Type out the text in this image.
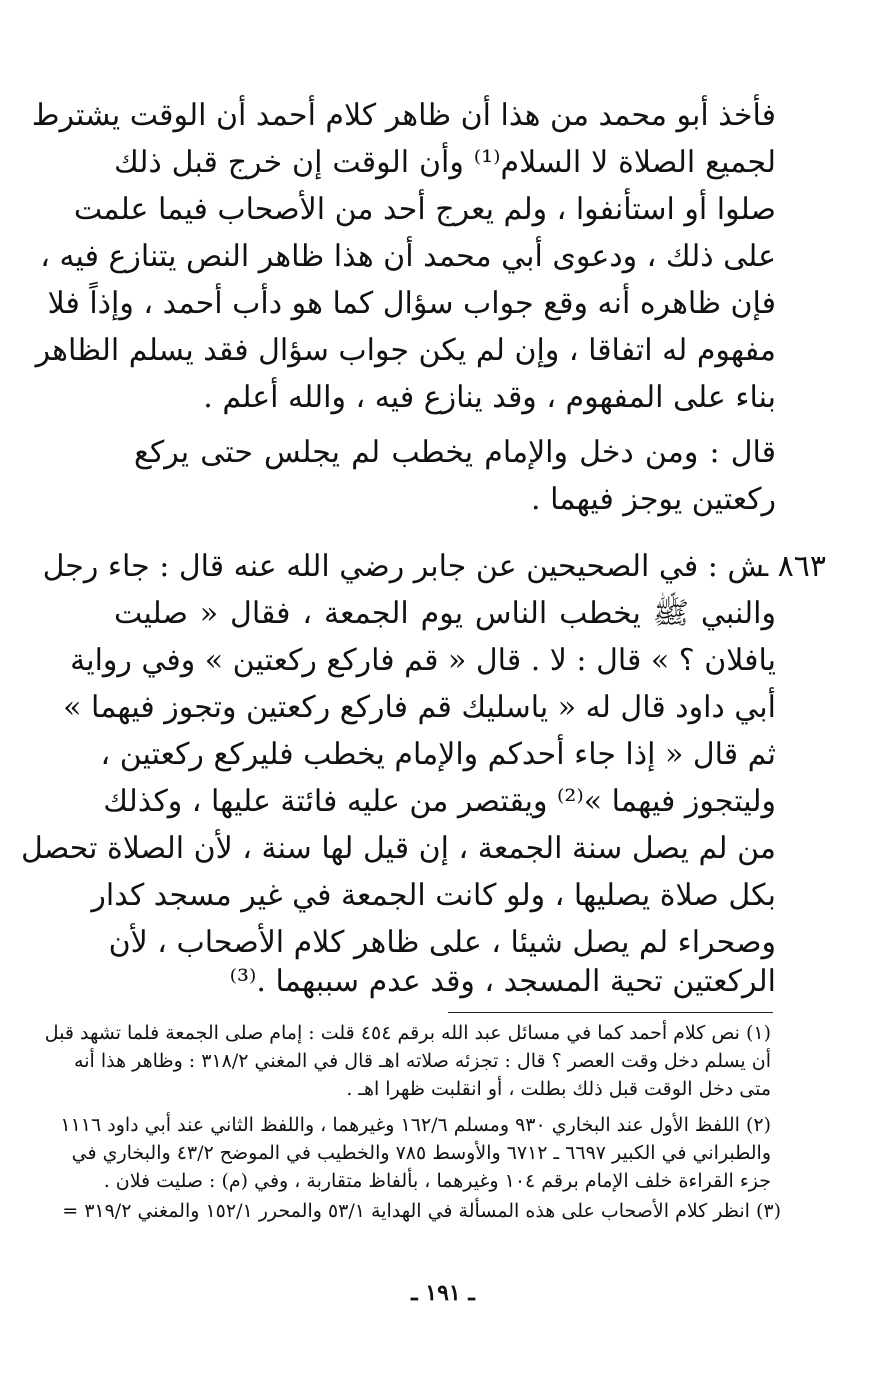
فأخذ أبو محمد من هذا أن ظاهر كلام أحمد أن الوقت يشترط
لجميع الصلاة لا السلام⁽¹⁾ وأن الوقت إن خرج قبل ذلك
صلوا أو استأنفوا ، ولم يعرج أحد من الأصحاب فيما علمت
على ذلك ، ودعوى أبي محمد أن هذا ظاهر النص يتنازع فيه ،
فإن ظاهره أنه وقع جواب سؤال كما هو دأب أحمد ، وإذاً فلا
مفهوم له اتفاقا ، وإن لم يكن جواب سؤال فقد يسلم الظاهر
بناء على المفهوم ، وقد ينازع فيه ، والله أعلم .
قال : ومن دخل والإمام يخطب لم يجلس حتى يركع
ركعتين يوجز فيهما .
٨٦٣ ـش : في الصحيحين عن جابر رضي الله عنه قال : جاء رجل
والنبي ﷺ يخطب الناس يوم الجمعة ، فقال « صليت
يافلان ؟ » قال : لا . قال « قم فاركع ركعتين » وفي رواية
أبي داود قال له « ياسليك قم فاركع ركعتين وتجوز فيهما »
ثم قال « إذا جاء أحدكم والإمام يخطب فليركع ركعتين ،
وليتجوز فيهما »⁽²⁾ ويقتصر من عليه فائتة عليها ، وكذلك
من لم يصل سنة الجمعة ، إن قيل لها سنة ، لأن الصلاة تحصل
بكل صلاة يصليها ، ولو كانت الجمعة في غير مسجد كدار
وصحراء لم يصل شيئا ، على ظاهر كلام الأصحاب ، لأن
الركعتين تحية المسجد ، وقد عدم سببهما .⁽³⁾
(١) نص كلام أحمد كما في مسائل عبد الله برقم ٤٥٤ قلت : إمام صلى الجمعة فلما تشهد قبل
أن يسلم دخل وقت العصر ؟ قال : تجزئه صلاته اهـ قال في المغني ٣١٨/٢ : وظاهر هذا أنه
متى دخل الوقت قبل ذلك بطلت ، أو انقلبت ظهرا اهـ .
(٢) اللفظ الأول عند البخاري ٩٣٠ ومسلم ١٦٢/٦ وغيرهما ، واللفظ الثاني عند أبي داود ١١١٦
والطبراني في الكبير ٦٦٩٧ ـ ٦٧١٢ والأوسط ٧٨٥ والخطيب في الموضح ٤٣/٢ والبخاري في
جزء القراءة خلف الإمام برقم ١٠٤ وغيرهما ، بألفاظ متقاربة ، وفي (م) : صليت فلان .
(٣) انظر كلام الأصحاب على هذه المسألة في الهداية ٥٣/١ والمحرر ١٥٢/١ والمغني ٣١٩/٢ =
ـ ١٩١ ـ
